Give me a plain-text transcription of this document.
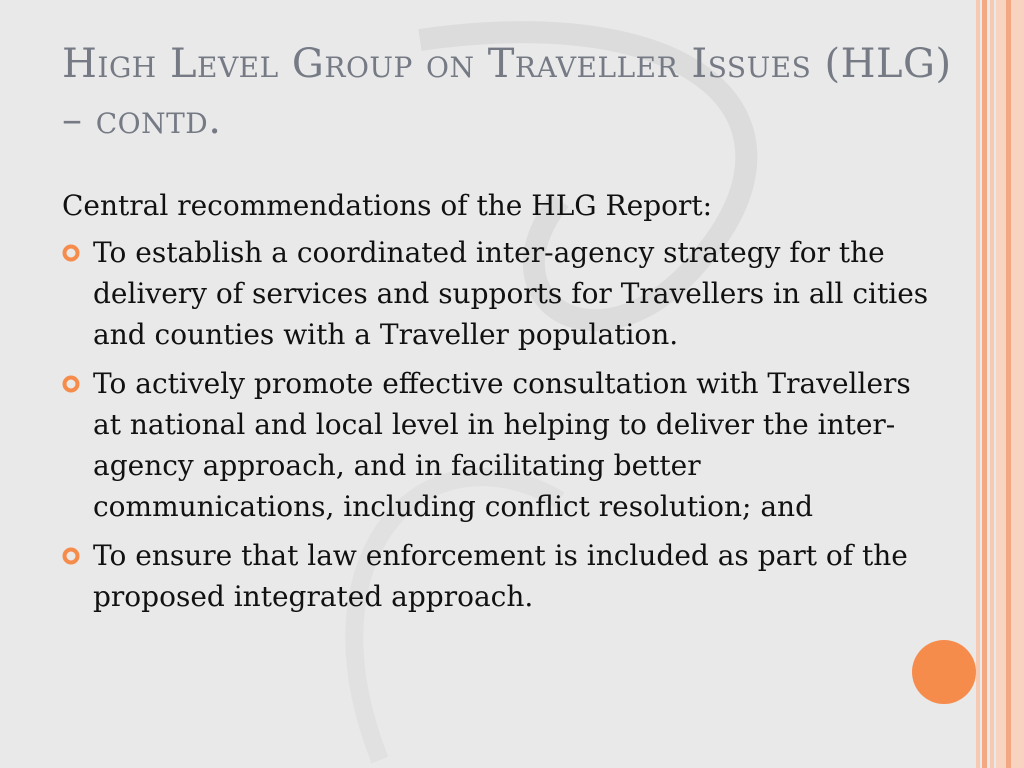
High Level Group on Traveller Issues (HLG) – contd.

Central recommendations of the HLG Report:

To establish a coordinated inter-agency strategy for the delivery of services and supports for Travellers in all cities and counties with a Traveller population.
To actively promote effective consultation with Travellers at national and local level in helping to deliver the inter-agency approach, and in facilitating better communications, including conflict resolution; and
To ensure that law enforcement is included as part of the proposed integrated approach.
